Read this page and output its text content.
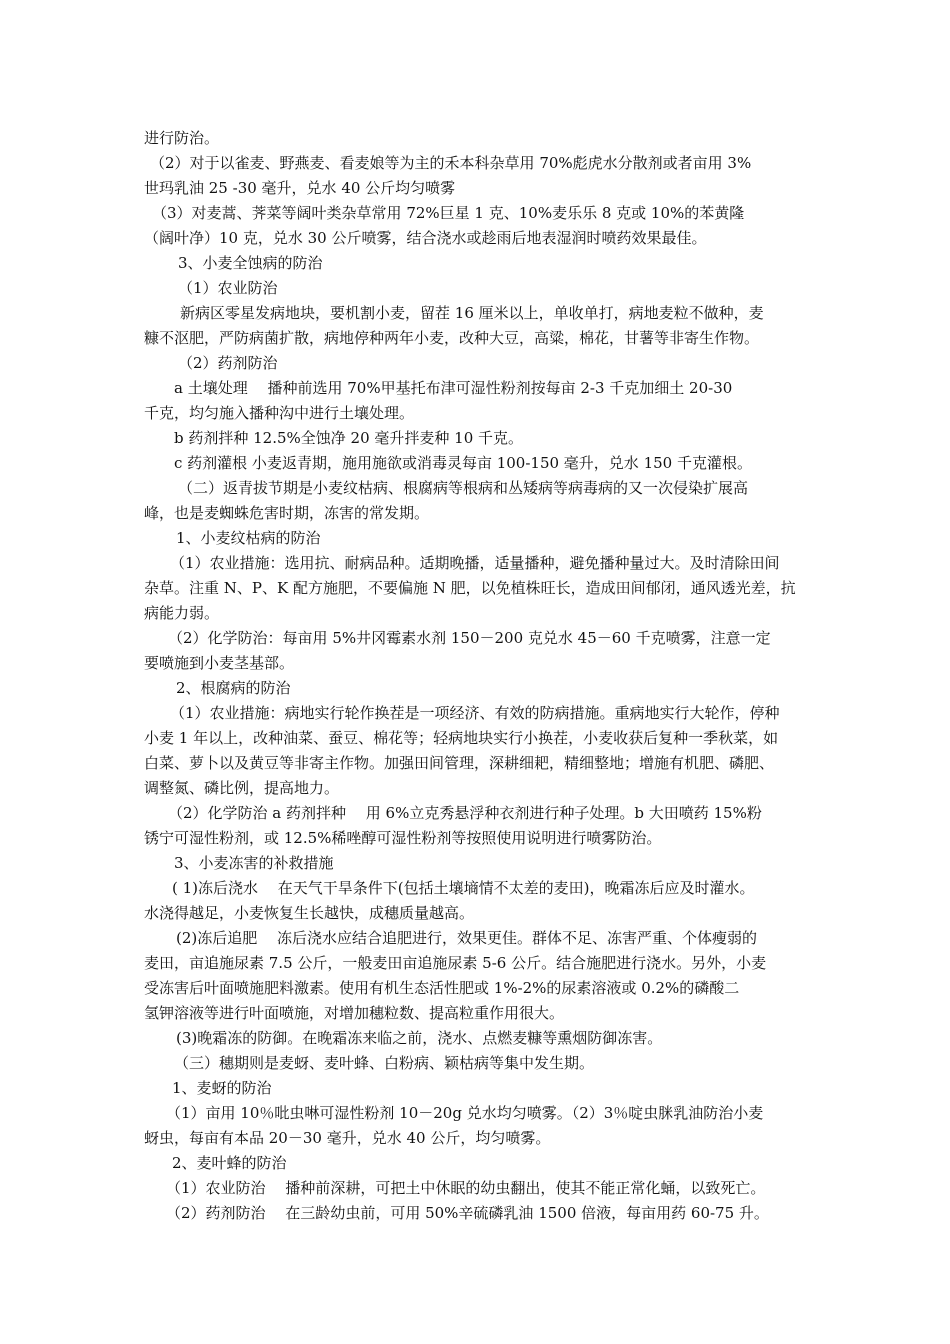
进行防治。
（2）对于以雀麦、野燕麦、看麦娘等为主的禾本科杂草用 70%彪虎水分散剂或者亩用 3%
世玛乳油 25 -30 毫升，兑水 40 公斤均匀喷雾
（3）对麦蒿、荠菜等阔叶类杂草常用 72%巨星 1 克、10%麦乐乐 8 克或 10%的苯黄隆
（阔叶净）10 克，兑水 30 公斤喷雾，结合浇水或趁雨后地表湿润时喷药效果最佳。
3、小麦全蚀病的防治
（1）农业防治
新病区零星发病地块，要机割小麦，留茬 16 厘米以上，单收单打，病地麦粒不做种，麦
糠不沤肥，严防病菌扩散，病地停种两年小麦，改种大豆，高粱，棉花，甘薯等非寄生作物。
（2）药剂防治
a 土壤处理　 播种前选用 70%甲基托布津可湿性粉剂按每亩 2-3 千克加细土 20-30
千克，均匀施入播种沟中进行土壤处理。
b 药剂拌种 12.5%全蚀净 20 毫升拌麦种 10 千克。
c 药剂灌根 小麦返青期，施用施欲或消毒灵每亩 100-150 毫升，兑水 150 千克灌根。
（二）返青拔节期是小麦纹枯病、根腐病等根病和丛矮病等病毒病的又一次侵染扩展高
峰，也是麦蜘蛛危害时期，冻害的常发期。
1、小麦纹枯病的防治
（1）农业措施：选用抗、耐病品种。适期晚播，适量播种，避免播种量过大。及时清除田间
杂草。注重 N、P、K 配方施肥，不要偏施 N 肥，以免植株旺长，造成田间郁闭，通风透光差，抗
病能力弱。
（2）化学防治：每亩用 5%井冈霉素水剂 150－200 克兑水 45－60 千克喷雾，注意一定
要喷施到小麦茎基部。
2、根腐病的防治
（1）农业措施：病地实行轮作换茬是一项经济、有效的防病措施。重病地实行大轮作，停种
小麦 1 年以上，改种油菜、蚕豆、棉花等；轻病地块实行小换茬，小麦收获后复种一季秋菜，如
白菜、萝卜以及黄豆等非寄主作物。加强田间管理，深耕细耙，精细整地；增施有机肥、磷肥、
调整氮、磷比例，提高地力。
（2）化学防治 a 药剂拌种　 用 6%立克秀悬浮种衣剂进行种子处理。b 大田喷药 15%粉
锈宁可湿性粉剂，或 12.5%稀唑醇可湿性粉剂等按照使用说明进行喷雾防治。
3、小麦冻害的补救措施
( 1)冻后浇水　 在天气干旱条件下(包括土壤墒情不太差的麦田)，晚霜冻后应及时灌水。
水浇得越足，小麦恢复生长越快，成穗质量越高。
(2)冻后追肥　 冻后浇水应结合追肥进行，效果更佳。群体不足、冻害严重、个体瘦弱的
麦田，亩追施尿素 7.5 公斤，一般麦田亩追施尿素 5-6 公斤。结合施肥进行浇水。另外，小麦
受冻害后叶面喷施肥料激素。使用有机生态活性肥或 1%-2%的尿素溶液或 0.2%的磷酸二
氢钾溶液等进行叶面喷施，对增加穗粒数、提高粒重作用很大。
(3)晚霜冻的防御。在晚霜冻来临之前，浇水、点燃麦糠等熏烟防御冻害。
（三）穗期则是麦蚜、麦叶蜂、白粉病、颖枯病等集中发生期。
1、麦蚜的防治
（1）亩用 10％吡虫啉可湿性粉剂 10－20g 兑水均匀喷雾。（2）3％啶虫脒乳油防治小麦
蚜虫，每亩有本品 20－30 毫升，兑水 40 公斤，均匀喷雾。
2、麦叶蜂的防治
（1）农业防治　 播种前深耕，可把土中休眠的幼虫翻出，使其不能正常化蛹，以致死亡。
（2）药剂防治　 在三龄幼虫前，可用 50%辛硫磷乳油 1500 倍液，每亩用药 60-75 升。
